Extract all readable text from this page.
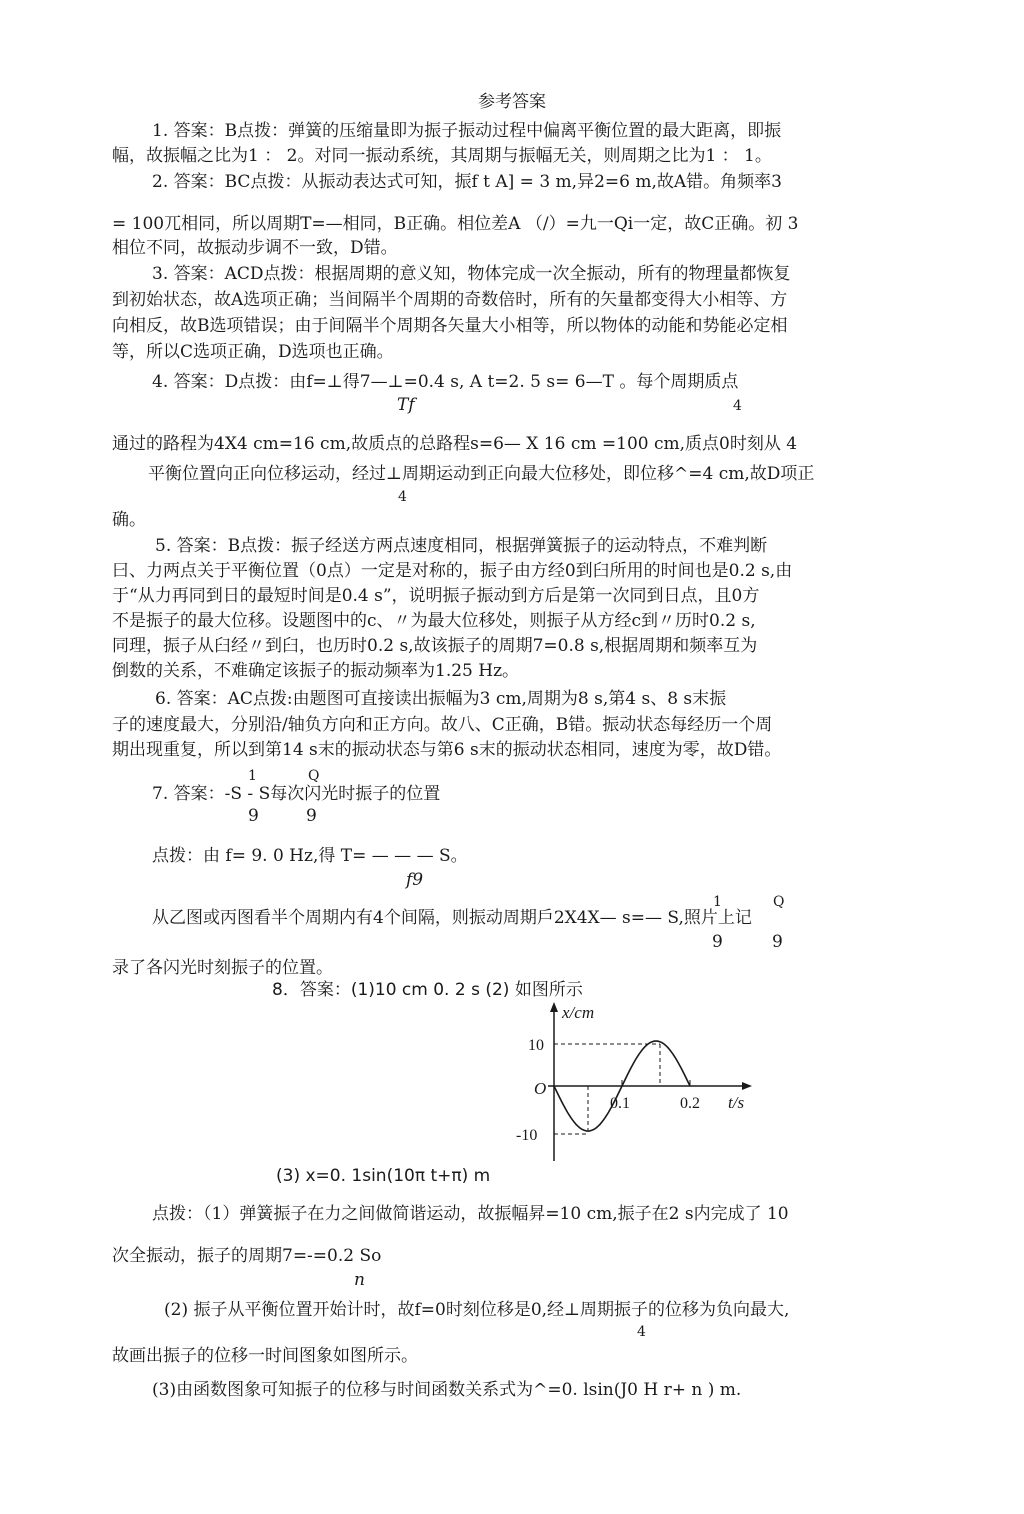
参考答案
1. 答案：B点拨：弹簧的压缩量即为振子振动过程中偏离平衡位置的最大距离，即振
幅，故振幅之比为1 ： 2。对同一振动系统，其周期与振幅无关，则周期之比为1 ： 1。
2. 答案：BC点拨：从振动表达式可知，振f t A] = 3 m,异2=6 m,故A错。角频率3
= 100兀相同，所以周期T=—相同，B正确。相位差A （/）=九一Qi一定，故C正确。初 3
相位不同，故振动步调不一致，D错。
3. 答案：ACD点拨：根据周期的意义知，物体完成一次全振动，所有的物理量都恢复
到初始状态，故A选项正确；当间隔半个周期的奇数倍时，所有的矢量都变得大小相等、方
向相反，故B选项错误；由于间隔半个周期各矢量大小相等，所以物体的动能和势能必定相
等，所以C选项正确，D选项也正确。
4. 答案：D点拨：由f=⊥得7—⊥=0.4 s, A t=2. 5 s= 6—T 。每个周期质点
Tf	4
通过的路程为4X4 cm=16 cm,故质点的总路程s=6— X 16 cm =100 cm,质点0时刻从 4
平衡位置向正向位移运动，经过⊥周期运动到正向最大位移处，即位移^=4 cm,故D项正
4
确。
5. 答案：B点拨：振子经送方两点速度相同，根据弹簧振子的运动特点，不难判断
曰、力两点关于平衡位置（0点）一定是对称的，振子由方经0到臼所用的时间也是0.2 s,由
于“从力再同到日的最短时间是0.4 s”，说明振子振动到方后是第一次同到日点，且0方
不是振子的最大位移。设题图中的c、〃为最大位移处，则振子从方经c到〃历时0.2 s,
同理，振子从臼经〃到臼，也历时0.2 s,故该振子的周期7=0.8 s,根据周期和频率互为
倒数的关系，不难确定该振子的振动频率为1.25 Hz。
6. 答案：AC点拨:由题图可直接读出振幅为3 cm,周期为8 s,第4 s、8 s末振
子的速度最大，分别沿/轴负方向和正方向。故八、C正确，B错。振动状态每经历一个周
期出现重复，所以到第14 s末的振动状态与第6 s末的振动状态相同，速度为零，故D错。
1	Q
7. 答案：-S - S每次闪光时振子的位置
9	9
点拨：由 f= 9. 0 Hz,得 T= — — — S。
f9
1	Q
从乙图或丙图看半个周期内有4个间隔，则振动周期戶2X4X— s=— S,照片上记
9	9
录了各闪光时刻振子的位置。
8．答案：(1)10 cm 0. 2 s (2) 如图所示
x/cm
t/s
O
10
-10
0.1	0.2
(3) x=0. 1sin(10π t+π) m
点拨：（1）弹簧振子在力之间做简谐运动，故振幅昇=10 cm,振子在2 s内完成了 10
次全振动，振子的周期7=-=0.2 So
n
(2) 振子从平衡位置开始计时，故f=0时刻位移是0,经⊥周期振子的位移为负向最大,
4
故画出振子的位移一时间图象如图所示。
(3)由函数图象可知振子的位移与时间函数关系式为^=0. lsin(J0 H r+ n ) m.
